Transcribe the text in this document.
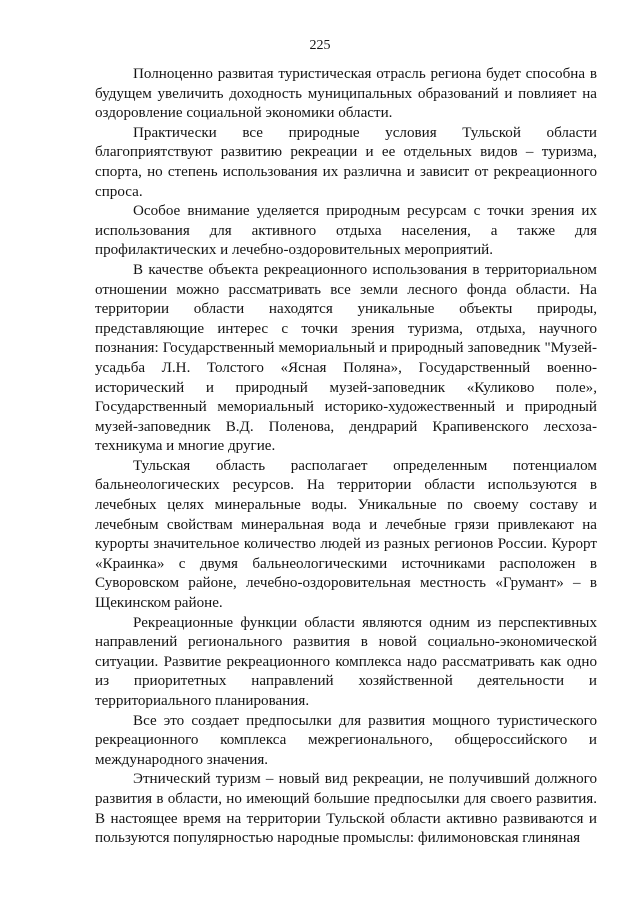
225

Полноценно развитая туристическая отрасль региона будет способна в будущем увеличить доходность муниципальных образований и повлияет на оздоровление социальной экономики области.

Практически все природные условия Тульской области благоприятствуют развитию рекреации и ее отдельных видов – туризма, спорта, но степень использования их различна и зависит от рекреационного спроса.

Особое внимание уделяется природным ресурсам с точки зрения их использования для активного отдыха населения, а также для профилактических и лечебно-оздоровительных мероприятий.

В качестве объекта рекреационного использования в территориальном отношении можно рассматривать все земли лесного фонда области. На территории области находятся уникальные объекты природы, представляющие интерес с точки зрения туризма, отдыха, научного познания: Государственный мемориальный и природный заповедник "Музей-усадьба Л.Н. Толстого «Ясная Поляна», Государственный военно-исторический и природный музей-заповедник «Куликово поле», Государственный мемориальный историко-художественный и природный музей-заповедник В.Д. Поленова, дендрарий Крапивенского лесхоза-техникума и многие другие.

Тульская область располагает определенным потенциалом бальнеологических ресурсов. На территории области используются в лечебных целях минеральные воды. Уникальные по своему составу и лечебным свойствам минеральная вода и лечебные грязи привлекают на курорты значительное количество людей из разных регионов России. Курорт «Краинка» с двумя бальнеологическими источниками расположен в Суворовском районе, лечебно-оздоровительная местность «Грумант» – в Щекинском районе.

Рекреационные функции области являются одним из перспективных направлений регионального развития в новой социально-экономической ситуации. Развитие рекреационного комплекса надо рассматривать как одно из приоритетных направлений хозяйственной деятельности и территориального планирования.

Все это создает предпосылки для развития мощного туристического рекреационного комплекса межрегионального, общероссийского и международного значения.

Этнический туризм – новый вид рекреации, не получивший должного развития в области, но имеющий большие предпосылки для своего развития. В настоящее время на территории Тульской области активно развиваются и пользуются популярностью народные промыслы: филимоновская глиняная
